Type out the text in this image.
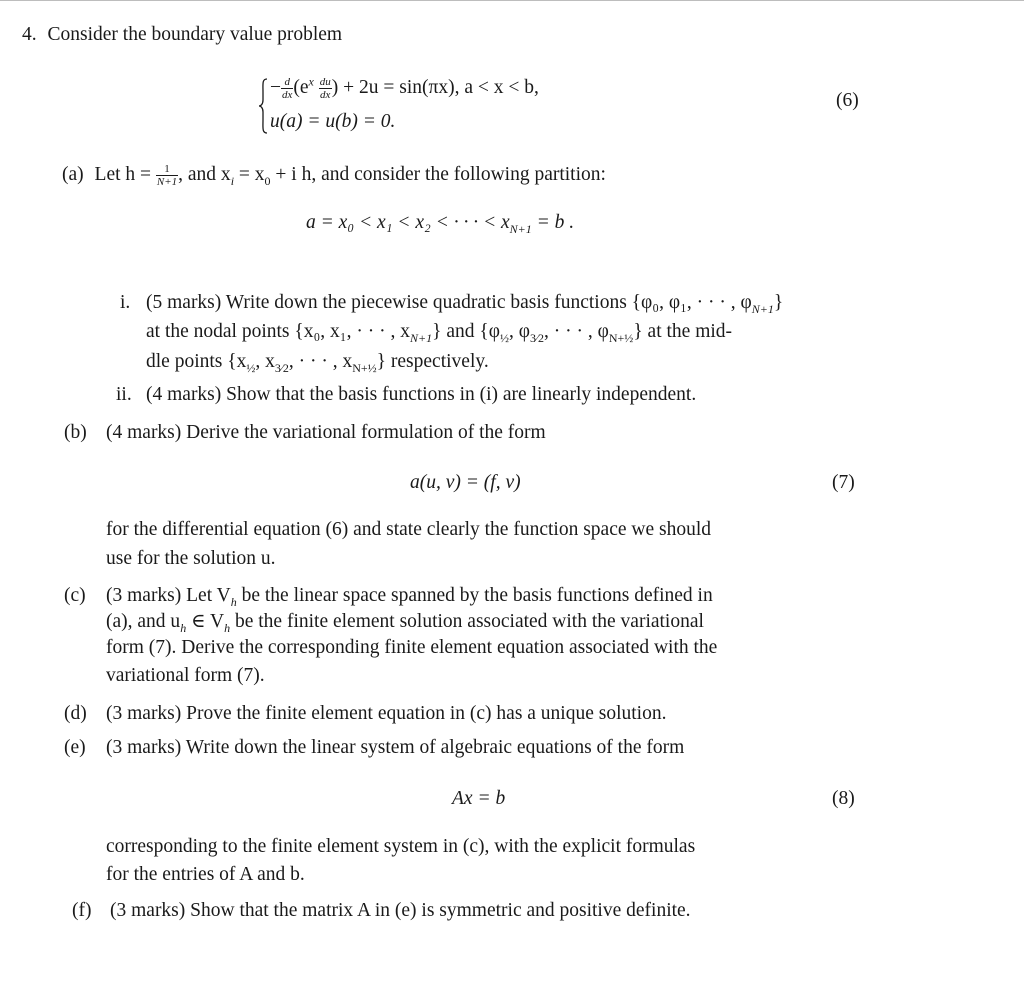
4. Consider the boundary value problem
− $\frac{d}{dx} (e^x \frac{du}{dx}$ ) + 2u = sin(πx), a < x < b,
u(a) = u(b) = 0.
(6)
(a) Let $h = \frac{1}{N+1}$ , and $x_i = x_0 + i$ h, and consider the following partition:
a = x₀ < x₁ < x₂ < · · · < $x_{N+1} = b$ .
i. (5 marks) Write down the piecewise quadratic basis functions {φ₀, φ₁, · · · , $\varphi_{N+1}$}
at the nodal points {x₀, x₁, · · · , $x_{N+1}$} and {$\varphi_{\frac{1}{2}}$, $\varphi_{3⁄2}$, · · · , $\varphi_{N+\frac{1}{2}}$} at the mid-
dle points {$x_{\frac{1}{2}}$, $x_{3⁄2}$, · · · , $x_{N+\frac{1}{2}}$} respectively.
ii. (4 marks) Show that the basis functions in (i) are linearly independent.
(b) (4 marks) Derive the variational formulation of the form
a(u, v) = (f, v)	(7)
for the differential equation (6) and state clearly the function space we should
use for the solution u.
(c) (3 marks) Let $V_h$ be the linear space spanned by the basis functions defined in
(a), and $u_h$ ∈ $V_h$ be the finite element solution associated with the variational
form (7). Derive the corresponding finite element equation associated with the
variational form (7).
(d) (3 marks) Prove the finite element equation in (c) has a unique solution.
(e) (3 marks) Write down the linear system of algebraic equations of the form
Ax = b	(8)
corresponding to the finite element system in (c), with the explicit formulas
for the entries of A and b.
(f) (3 marks) Show that the matrix A in (e) is symmetric and positive definite.
